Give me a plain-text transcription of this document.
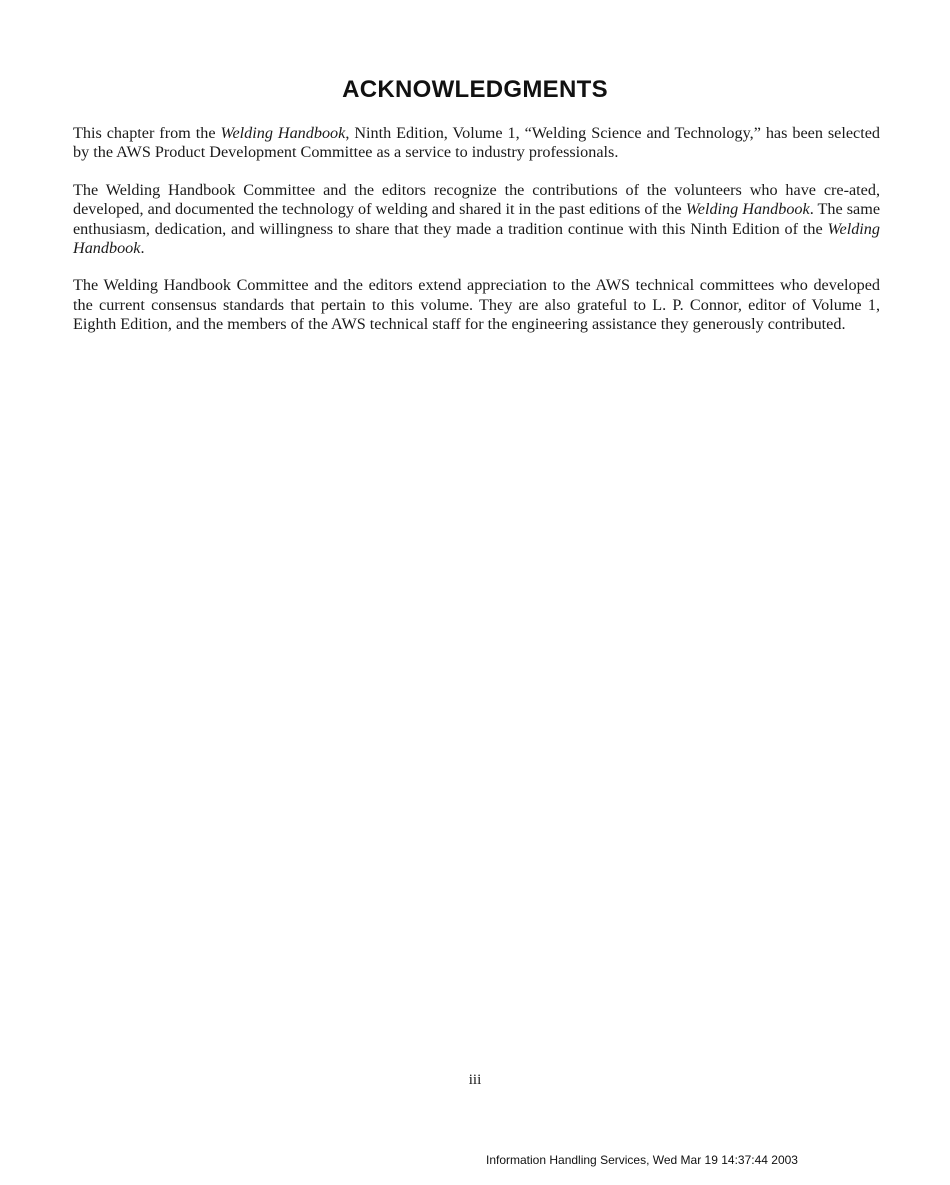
ACKNOWLEDGMENTS

This chapter from the Welding Handbook, Ninth Edition, Volume 1, “Welding Science and Technology,” has been selected by the AWS Product Development Committee as a service to industry professionals.

The Welding Handbook Committee and the editors recognize the contributions of the volunteers who have cre-ated, developed, and documented the technology of welding and shared it in the past editions of the Welding Handbook. The same enthusiasm, dedication, and willingness to share that they made a tradition continue with this Ninth Edition of the Welding Handbook.

The Welding Handbook Committee and the editors extend appreciation to the AWS technical committees who developed the current consensus standards that pertain to this volume. They are also grateful to L. P. Connor, editor of Volume 1, Eighth Edition, and the members of the AWS technical staff for the engineering assistance they generously contributed.

iii
Information Handling Services, Wed Mar 19 14:37:44 2003
